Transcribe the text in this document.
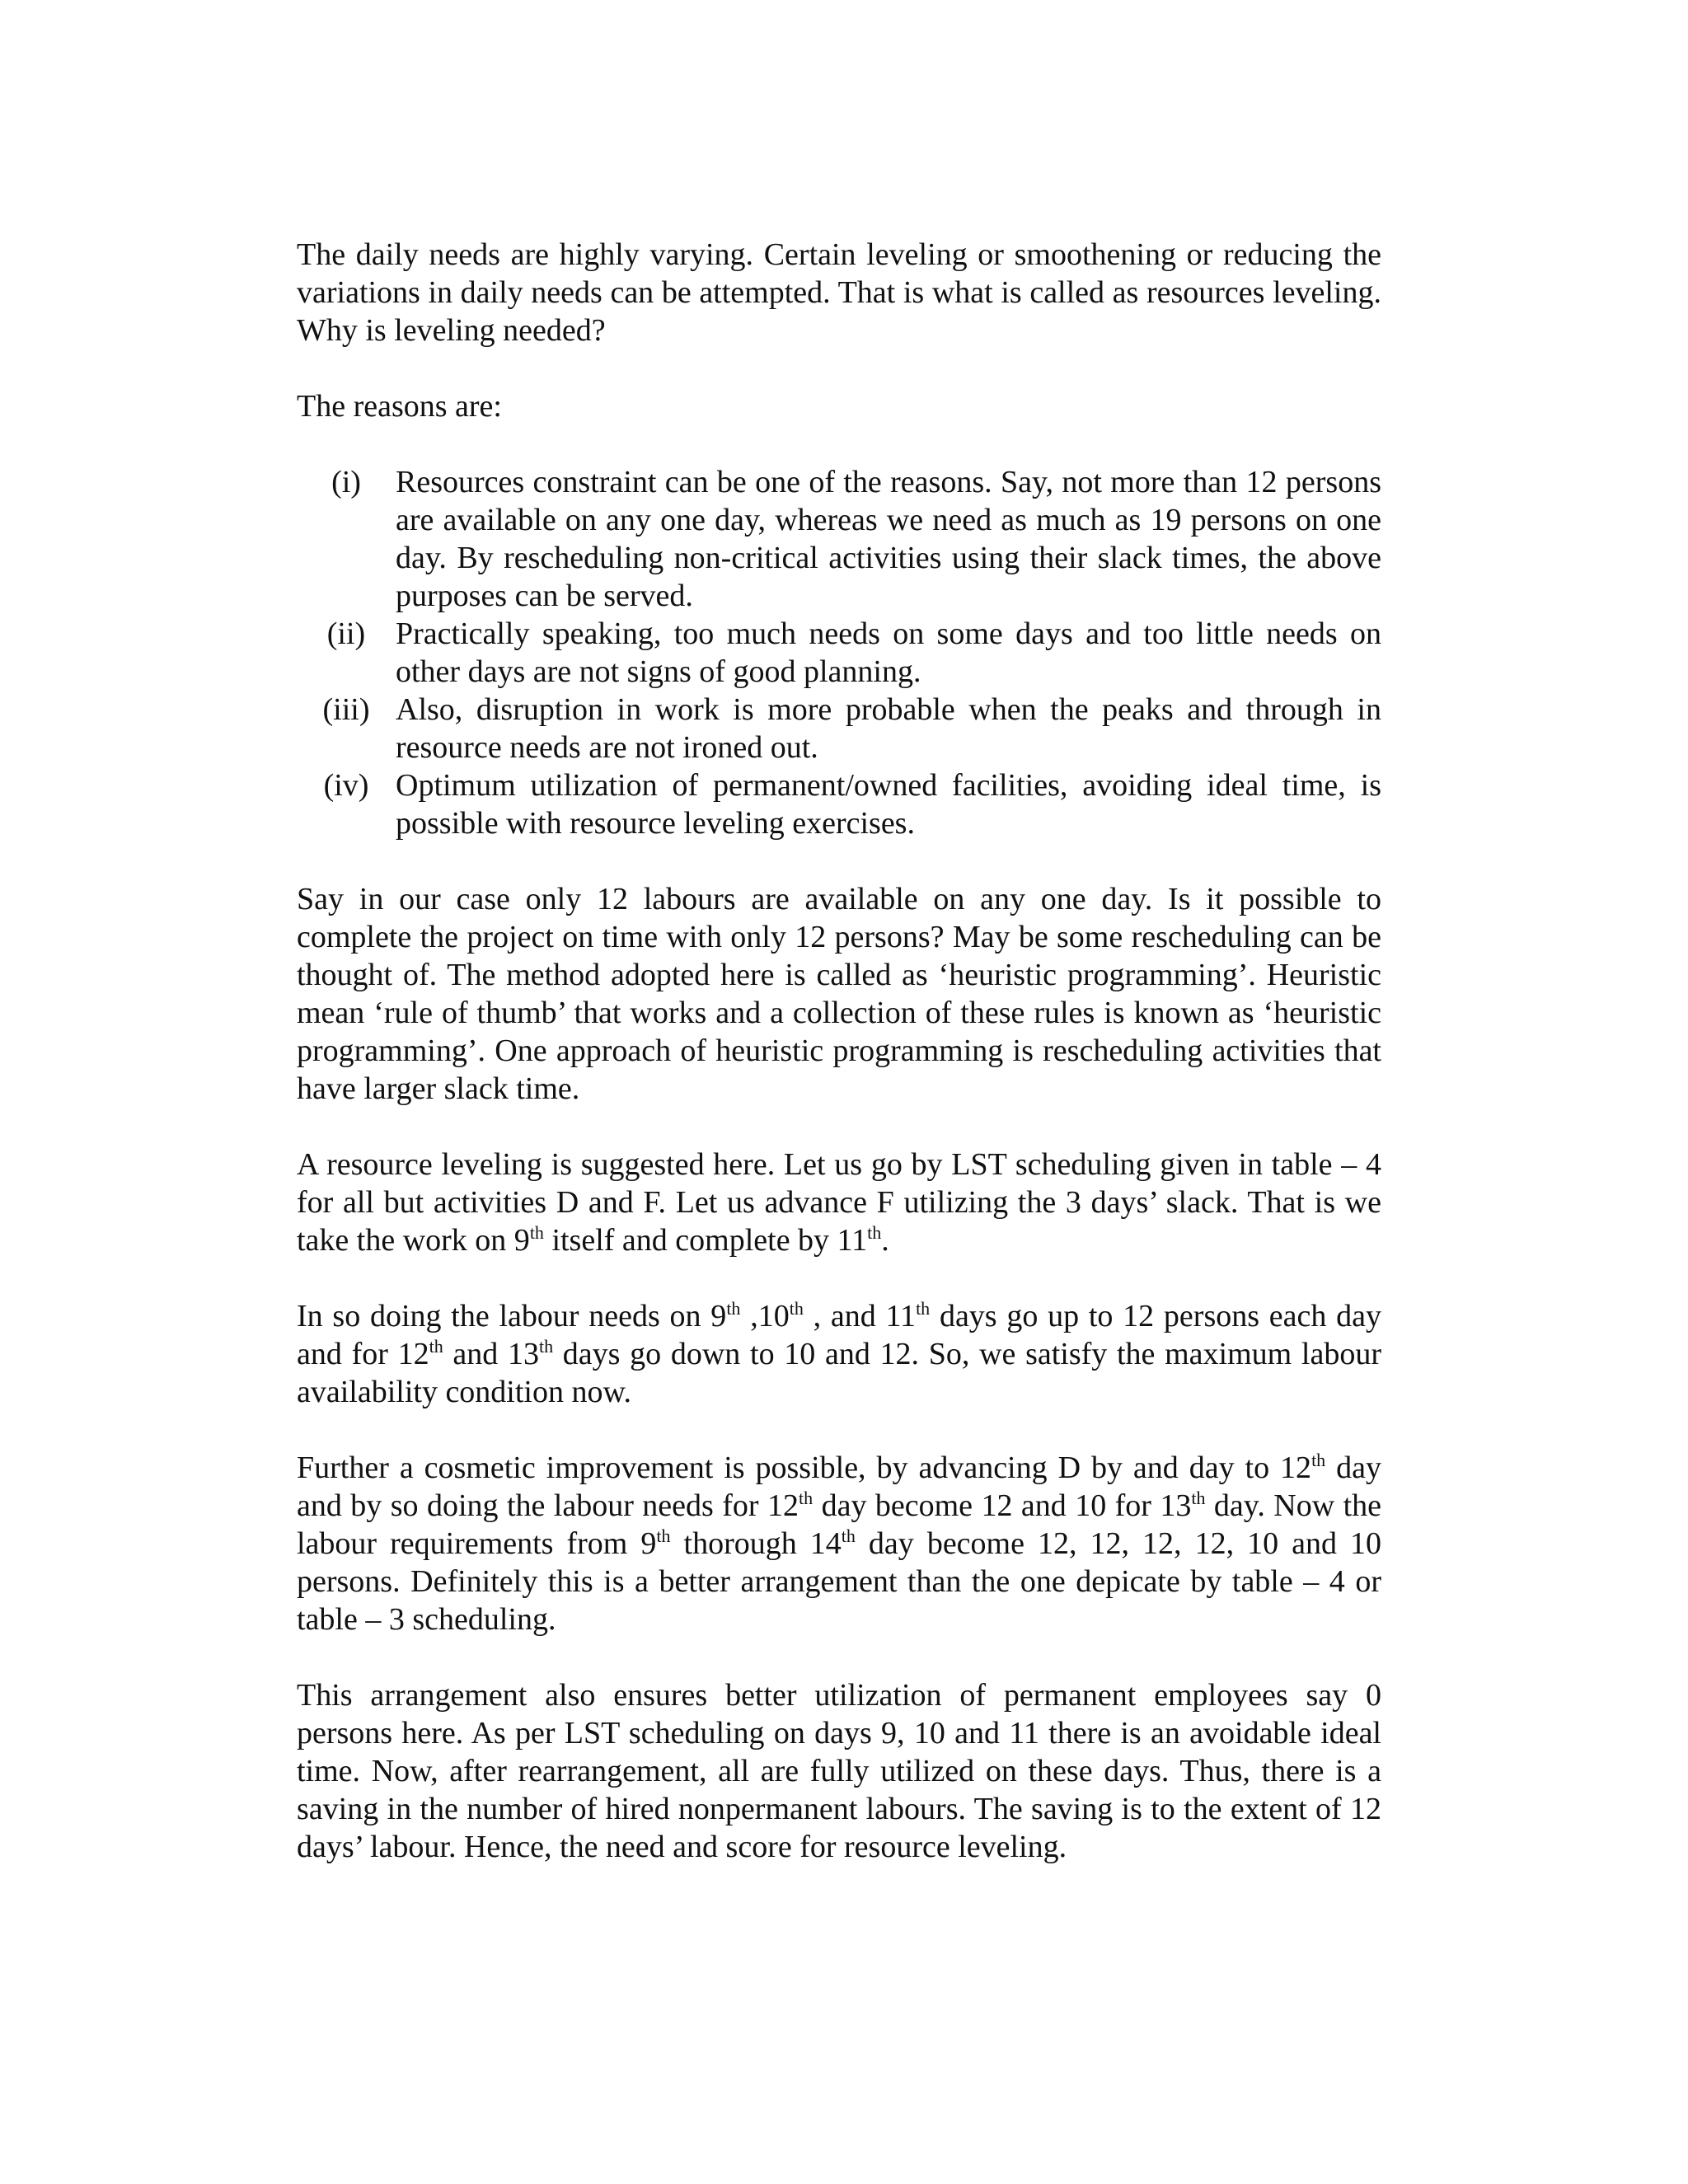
The daily needs are highly varying. Certain leveling or smoothening or reducing the variations in daily needs can be attempted. That is what is called as resources leveling. Why is leveling needed?

The reasons are:

(i)	Resources constraint can be one of the reasons. Say, not more than 12 persons are available on any one day, whereas we need as much as 19 persons on one day. By rescheduling non-critical activities using their slack times, the above purposes can be served.
(ii) Practically speaking, too much needs on some days and too little needs on other days are not signs of good planning.
(iii) Also, disruption in work is more probable when the peaks and through in resource needs are not ironed out.
(iv) Optimum utilization of permanent/owned facilities, avoiding ideal time, is possible with resource leveling exercises.

Say in our case only 12 labours are available on any one day. Is it possible to complete the project on time with only 12 persons? May be some rescheduling can be thought of. The method adopted here is called as ‘heuristic programming’. Heuristic mean ‘rule of thumb’ that works and a collection of these rules is known as ‘heuristic programming’. One approach of heuristic programming is rescheduling activities that have larger slack time.

A resource leveling is suggested here. Let us go by LST scheduling given in table – 4 for all but activities D and F. Let us advance F utilizing the 3 days’ slack. That is we take the work on 9th itself and complete by 11th.

In so doing the labour needs on 9th ,10th , and 11th days go up to 12 persons each day and for 12th and 13th days go down to 10 and 12. So, we satisfy the maximum labour availability condition now.

Further a cosmetic improvement is possible, by advancing D by and day to 12th day and by so doing the labour needs for 12th day become 12 and 10 for 13th day. Now the labour requirements from 9th thorough 14th day become 12, 12, 12, 12, 10 and 10 persons. Definitely this is a better arrangement than the one depicate by table – 4 or table – 3 scheduling.

This arrangement also ensures better utilization of permanent employees say 0 persons here. As per LST scheduling on days 9, 10 and 11 there is an avoidable ideal time. Now, after rearrangement, all are fully utilized on these days. Thus, there is a saving in the number of hired nonpermanent labours. The saving is to the extent of 12 days’ labour. Hence, the need and score for resource leveling.
